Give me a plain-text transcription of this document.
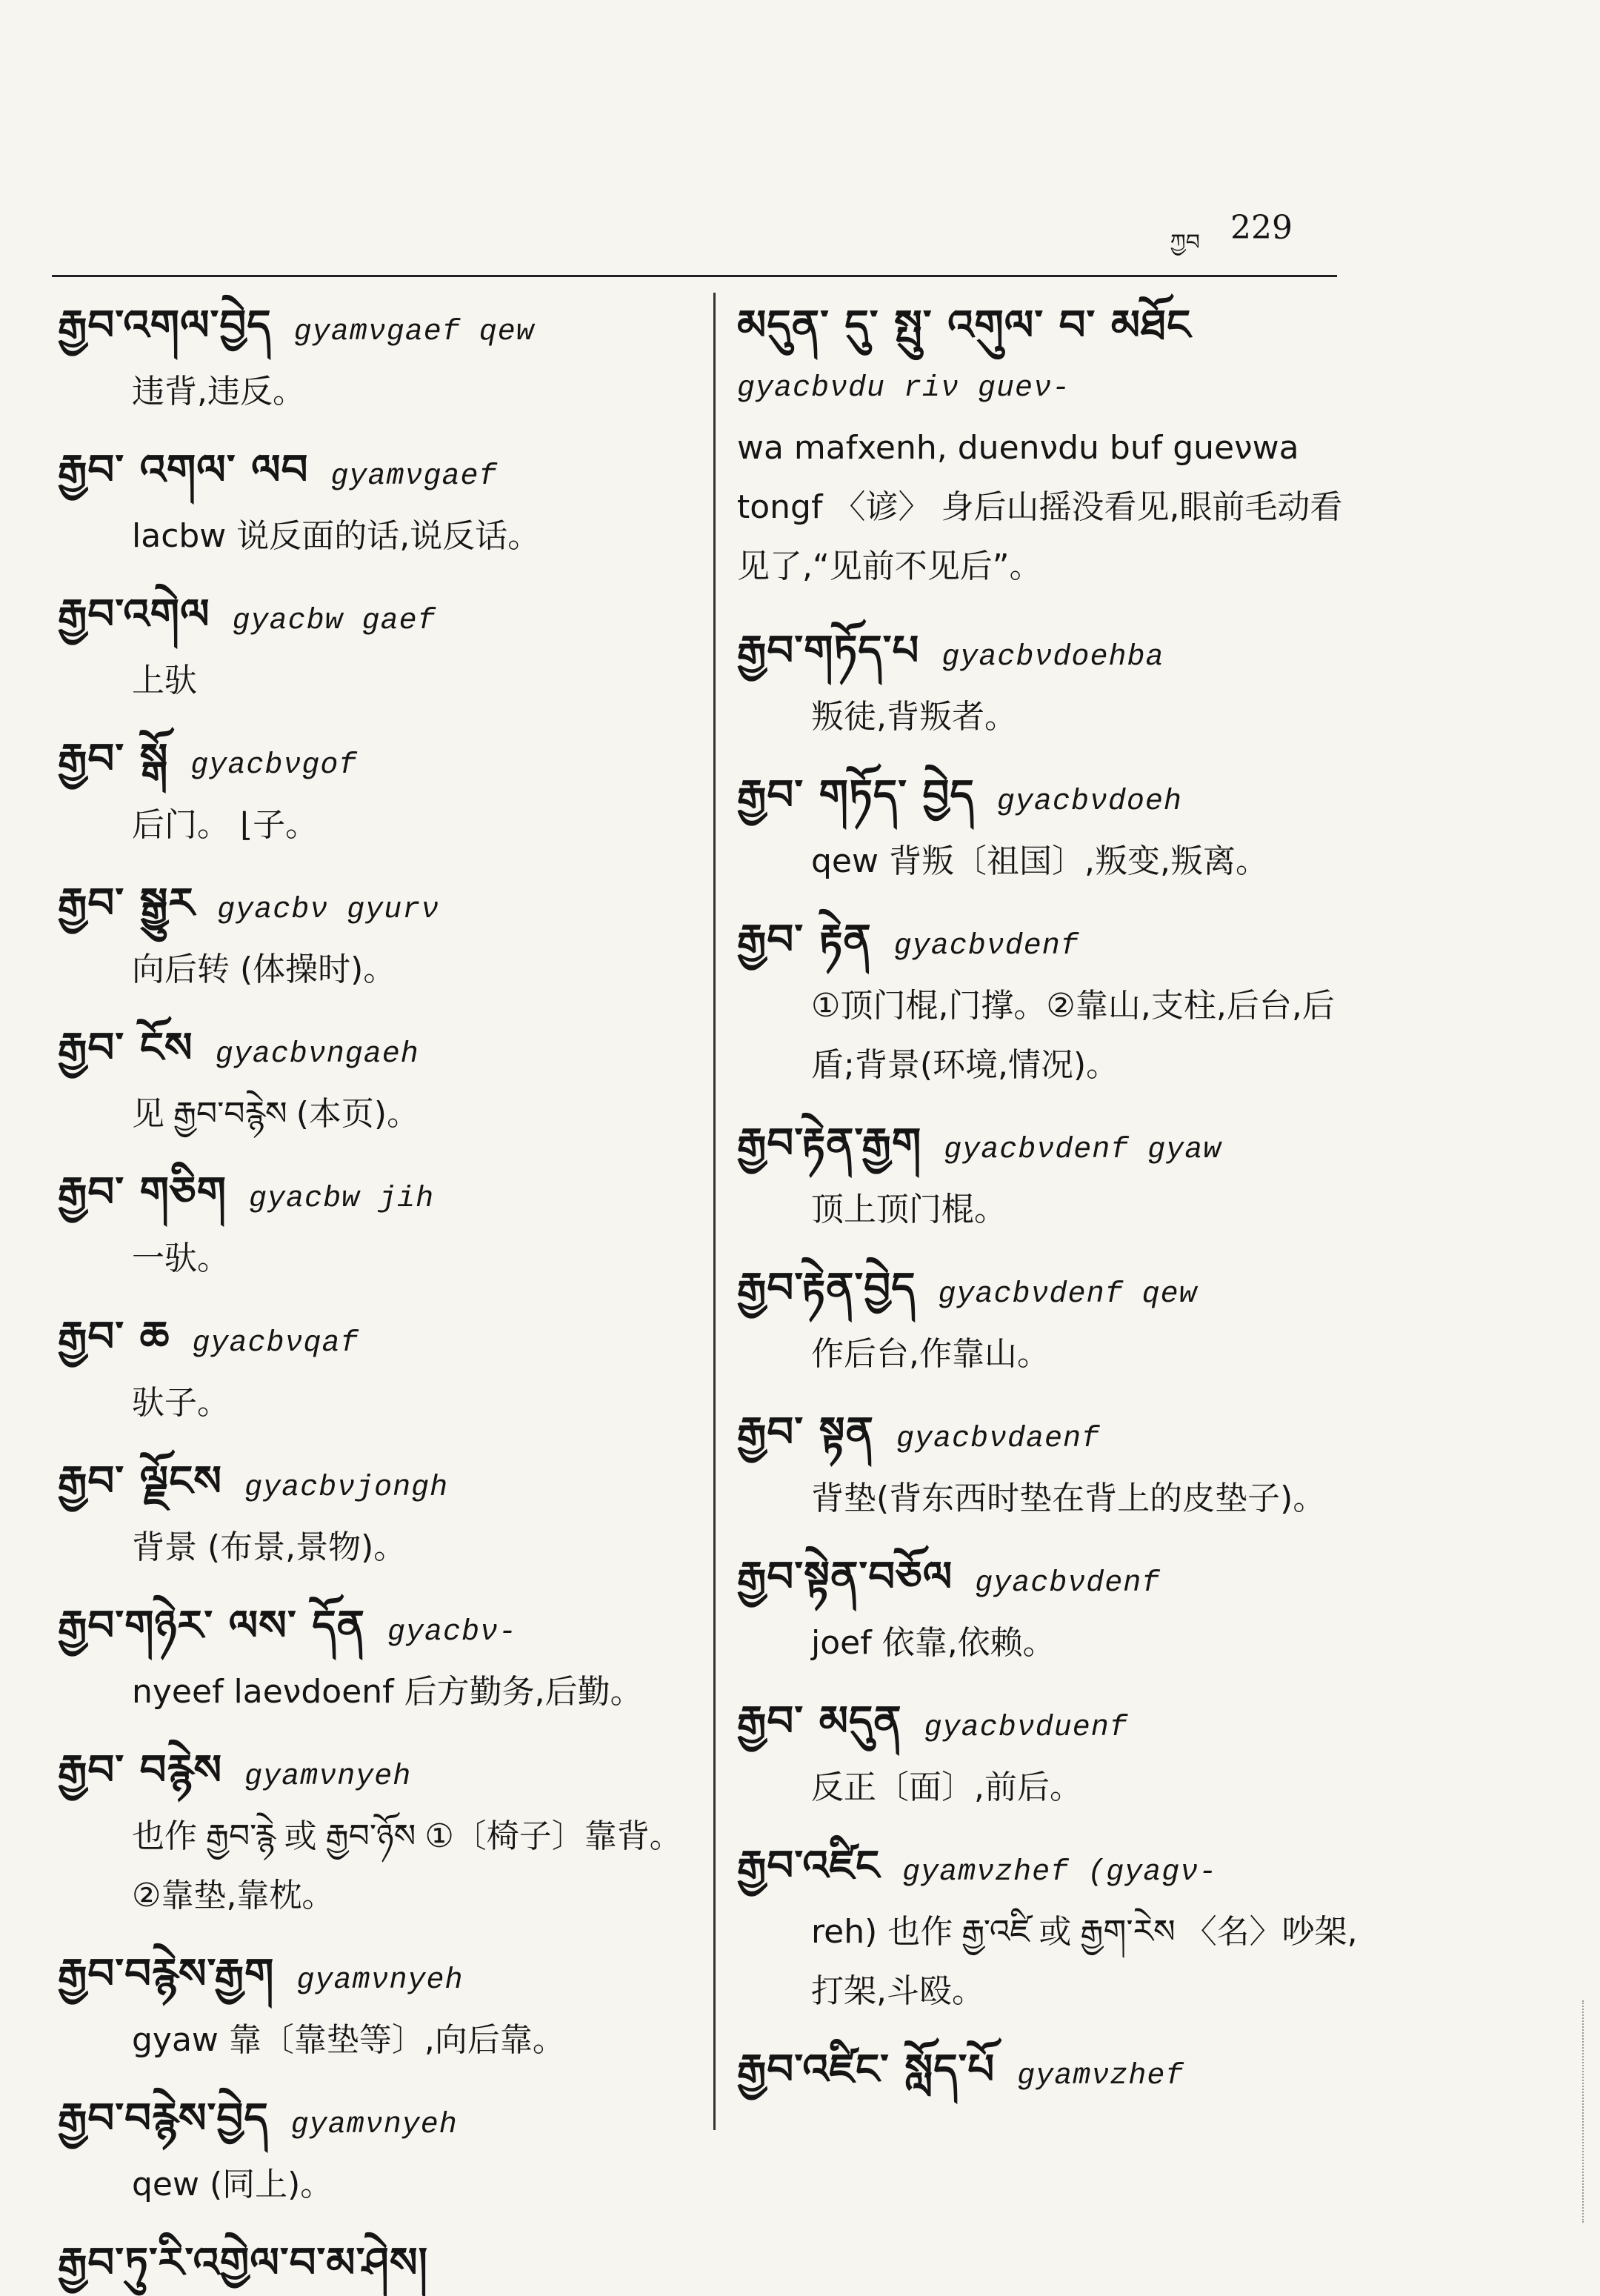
ཀྱབ 229
རྒྱབ་འགལ་བྱེད gyamνgaef qew
违背,违反。
རྒྱབ་ འགལ་ ལབ gyamνgaef
lacbw 说反面的话,说反话。
རྒྱབ་འགེལ gyacbw gaef
上驮
རྒྱབ་ སྒོ gyacbνgof
后门。 ⌊子。
རྒྱབ་ སྒྱུར gyacbν gyurν
向后转 (体操时)。
རྒྱབ་ ངོས gyacbνngaeh
见 རྒྱབ་བརྙེས (本页)。
རྒྱབ་ གཅིག gyacbw jih
一驮。
རྒྱབ་ ཆ gyacbνqaf
驮子。
རྒྱབ་ ལྗོངས gyacbνjongh
背景 (布景,景物)。
རྒྱབ་གཉེར་ ལས་ དོན gyacbν-
nyeef laeνdoenf 后方勤务,后勤。
རྒྱབ་ བརྙེས gyamνnyeh
也作 རྒྱབ་རྙེ 或 རྒྱབ་ཉོས ①〔椅子〕靠背。②靠垫,靠枕。
རྒྱབ་བརྙེས་རྒྱག gyamνnyeh
gyaw 靠〔靠垫等〕,向后靠。
རྒྱབ་བརྙེས་བྱེད gyamνnyeh
qew (同上)。
རྒྱབ་ཏུ་རི་འགྱེལ་བ་མ་ཤེས།
མདུན་ དུ་ སྤུ་ འགུལ་ བ་ མཐོང
gyacbνdu riν gueν-
wa mafxenh, duenνdu buf gueνwa tongf 〈谚〉 身后山摇没看见,眼前毛动看见了,“见前不见后”。
རྒྱབ་གཏོད་པ gyacbνdoehba
叛徒,背叛者。
རྒྱབ་ གཏོད་ བྱེད gyacbνdoeh
qew 背叛〔祖国〕,叛变,叛离。
རྒྱབ་ རྟེན gyacbνdenf
①顶门棍,门撑。②靠山,支柱,后台,后盾;背景(环境,情况)。
རྒྱབ་རྟེན་རྒྱག gyacbνdenf gyaw
顶上顶门棍。
རྒྱབ་རྟེན་བྱེད gyacbνdenf qew
作后台,作靠山。
རྒྱབ་ སྟན gyacbνdaenf
背垫(背东西时垫在背上的皮垫子)。
རྒྱབ་སྟེན་བཅོལ gyacbνdenf
joef 依靠,依赖。
རྒྱབ་ མདུན gyacbνduenf
反正〔面〕,前后。
རྒྱབ་འཛིང gyamνzhef (gyagν-
reh) 也作 རྒྱ་འཛི 或 རྒྱག་རེས 〈名〉吵架,打架,斗殴。
རྒྱབ་འཛིང་ སློད་པོ gyamνzhef
